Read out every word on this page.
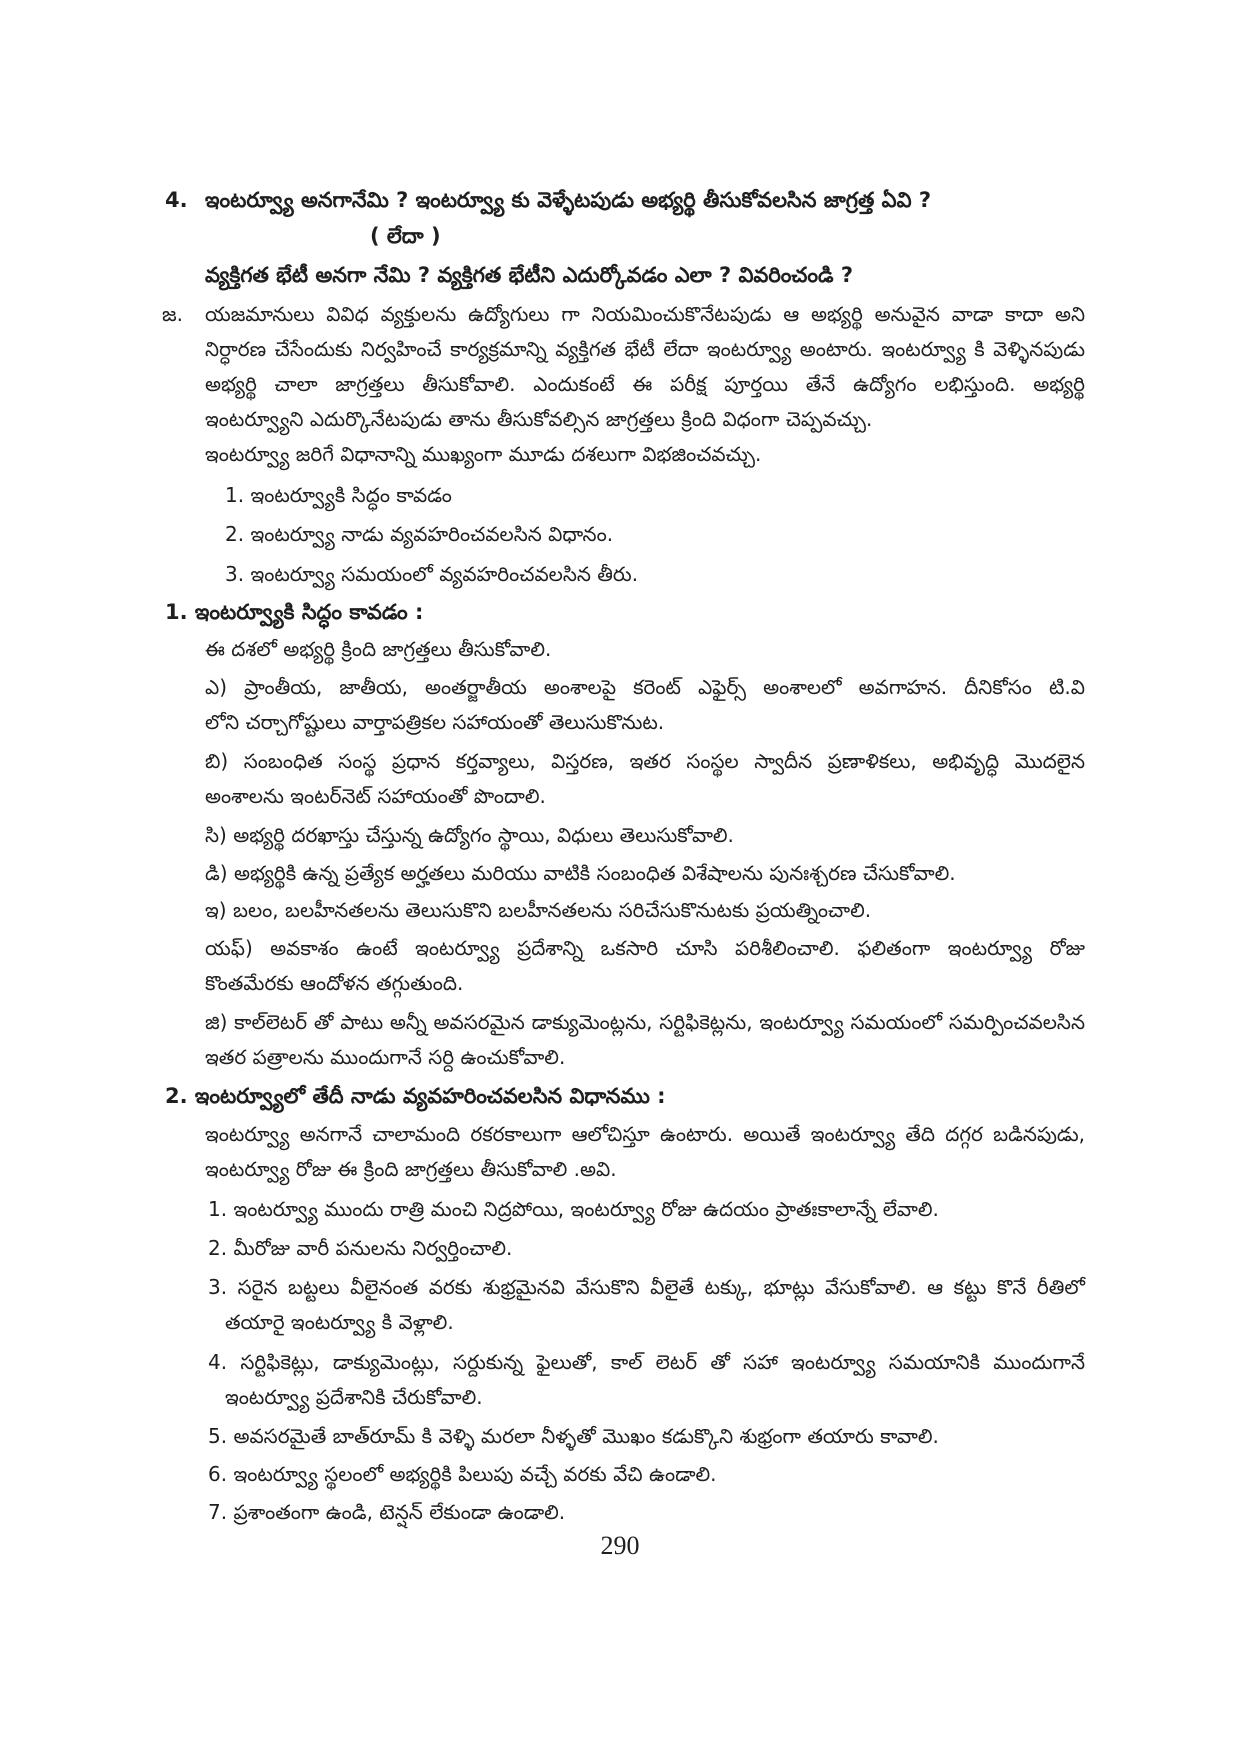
4. ఇంటర్వ్యూ అనగానేమి ? ఇంటర్వ్యూ కు వెళ్ళేటపుడు అభ్యర్థి తీసుకోవలసిన జాగ్రత్త ఏవి ?
( లేదా )
వ్యక్తిగత భేటీ అనగా నేమి ? వ్యక్తిగత భేటీని ఎదుర్కోవడం ఎలా ? వివరించండి ?
జ. యజమానులు వివిధ వ్యక్తులను ఉద్యోగులు గా నియమించుకొనేటపుడు ఆ అభ్యర్థి అనువైన వాడా కాదా అని
నిర్ధారణ చేసేందుకు నిర్వహించే కార్యక్రమాన్ని వ్యక్తిగత భేటీ లేదా ఇంటర్వ్యూ అంటారు. ఇంటర్వ్యూ కి వెళ్ళినపుడు
అభ్యర్థి చాలా జాగ్రత్తలు తీసుకోవాలి. ఎందుకంటే ఈ పరీక్ష పూర్తయి తేనే ఉద్యోగం లభిస్తుంది. అభ్యర్థి
ఇంటర్వ్యూని ఎదుర్కొనేటపుడు తాను తీసుకోవల్సిన జాగ్రత్తలు క్రింది విధంగా చెప్పవచ్చు.
ఇంటర్వ్యూ జరిగే విధానాన్ని ముఖ్యంగా మూడు దశలుగా విభజించవచ్చు.
1. ఇంటర్వ్యూకి సిద్ధం కావడం
2. ఇంటర్వ్యూ నాడు వ్యవహరించవలసిన విధానం.
3. ఇంటర్వ్యూ సమయంలో వ్యవహరించవలసిన తీరు.
1. ఇంటర్వ్యూకి సిద్ధం కావడం :
ఈ దశలో అభ్యర్థి క్రింది జాగ్రత్తలు తీసుకోవాలి.
ఎ) ప్రాంతీయ, జాతీయ, అంతర్జాతీయ అంశాలపై కరెంట్ ఎఫైర్స్ అంశాలలో అవగాహన. దీనికోసం టి.వి
లోని చర్చాగోష్టులు వార్తాపత్రికల సహాయంతో తెలుసుకొనుట.
బి) సంబంధిత సంస్థ ప్రధాన కర్తవ్యాలు, విస్తరణ, ఇతర సంస్థల స్వాదీన ప్రణాళికలు, అభివృద్ధి మొదలైన
అంశాలను ఇంటర్‌నెట్ సహాయంతో పొందాలి.
సి) అభ్యర్థి దరఖాస్తు చేస్తున్న ఉద్యోగం స్థాయి, విధులు తెలుసుకోవాలి.
డి) అభ్యర్థికి ఉన్న ప్రత్యేక అర్హతలు మరియు వాటికి సంబంధిత విశేషాలను పునఃశ్చరణ చేసుకోవాలి.
ఇ) బలం, బలహీనతలను తెలుసుకొని బలహీనతలను సరిచేసుకొనుటకు ప్రయత్నించాలి.
యఫ్) అవకాశం ఉంటే ఇంటర్వ్యూ ప్రదేశాన్ని ఒకసారి చూసి పరిశీలించాలి. ఫలితంగా ఇంటర్వ్యూ రోజు
కొంతమేరకు ఆందోళన తగ్గుతుంది.
జి) కాల్‌లెటర్ తో పాటు అన్నీ అవసరమైన డాక్యుమెంట్లను, సర్టిఫికెట్లను, ఇంటర్వ్యూ సమయంలో సమర్పించవలసిన
ఇతర పత్రాలను ముందుగానే సర్ది ఉంచుకోవాలి.
2. ఇంటర్వ్యూలో తేదీ నాడు వ్యవహరించవలసిన విధానము :
ఇంటర్వ్యూ అనగానే చాలామంది రకరకాలుగా ఆలోచిస్తూ ఉంటారు. అయితే ఇంటర్వ్యూ తేది దగ్గర బడినపుడు,
ఇంటర్వ్యూ రోజు ఈ క్రింది జాగ్రత్తలు తీసుకోవాలి .అవి.
1. ఇంటర్వ్యూ ముందు రాత్రి మంచి నిద్రపోయి, ఇంటర్వ్యూ రోజు ఉదయం ప్రాతఃకాలాన్నే లేవాలి.
2. మీరోజు వారీ పనులను నిర్వర్తించాలి.
3. సరైన బట్టలు వీలైనంత వరకు శుభ్రమైనవి వేసుకొని వీలైతే టక్కు, భూట్లు వేసుకోవాలి. ఆ కట్టు కొనే రీతిలో
తయారై ఇంటర్వ్యూ కి వెళ్లాలి.
4. సర్టిఫికెట్లు, డాక్యుమెంట్లు, సర్దుకున్న ఫైలుతో, కాల్ లెటర్ తో సహా ఇంటర్వ్యూ సమయానికి ముందుగానే
ఇంటర్వ్యూ ప్రదేశానికి చేరుకోవాలి.
5. అవసరమైతే బాత్‌రూమ్ కి వెళ్ళి మరలా నీళ్ళతో మొఖం కడుక్కొని శుభ్రంగా తయారు కావాలి.
6. ఇంటర్వ్యూ స్థలంలో అభ్యర్థికి పిలుపు వచ్చే వరకు వేచి ఉండాలి.
7. ప్రశాంతంగా ఉండి, టెన్షన్ లేకుండా ఉండాలి.
290
